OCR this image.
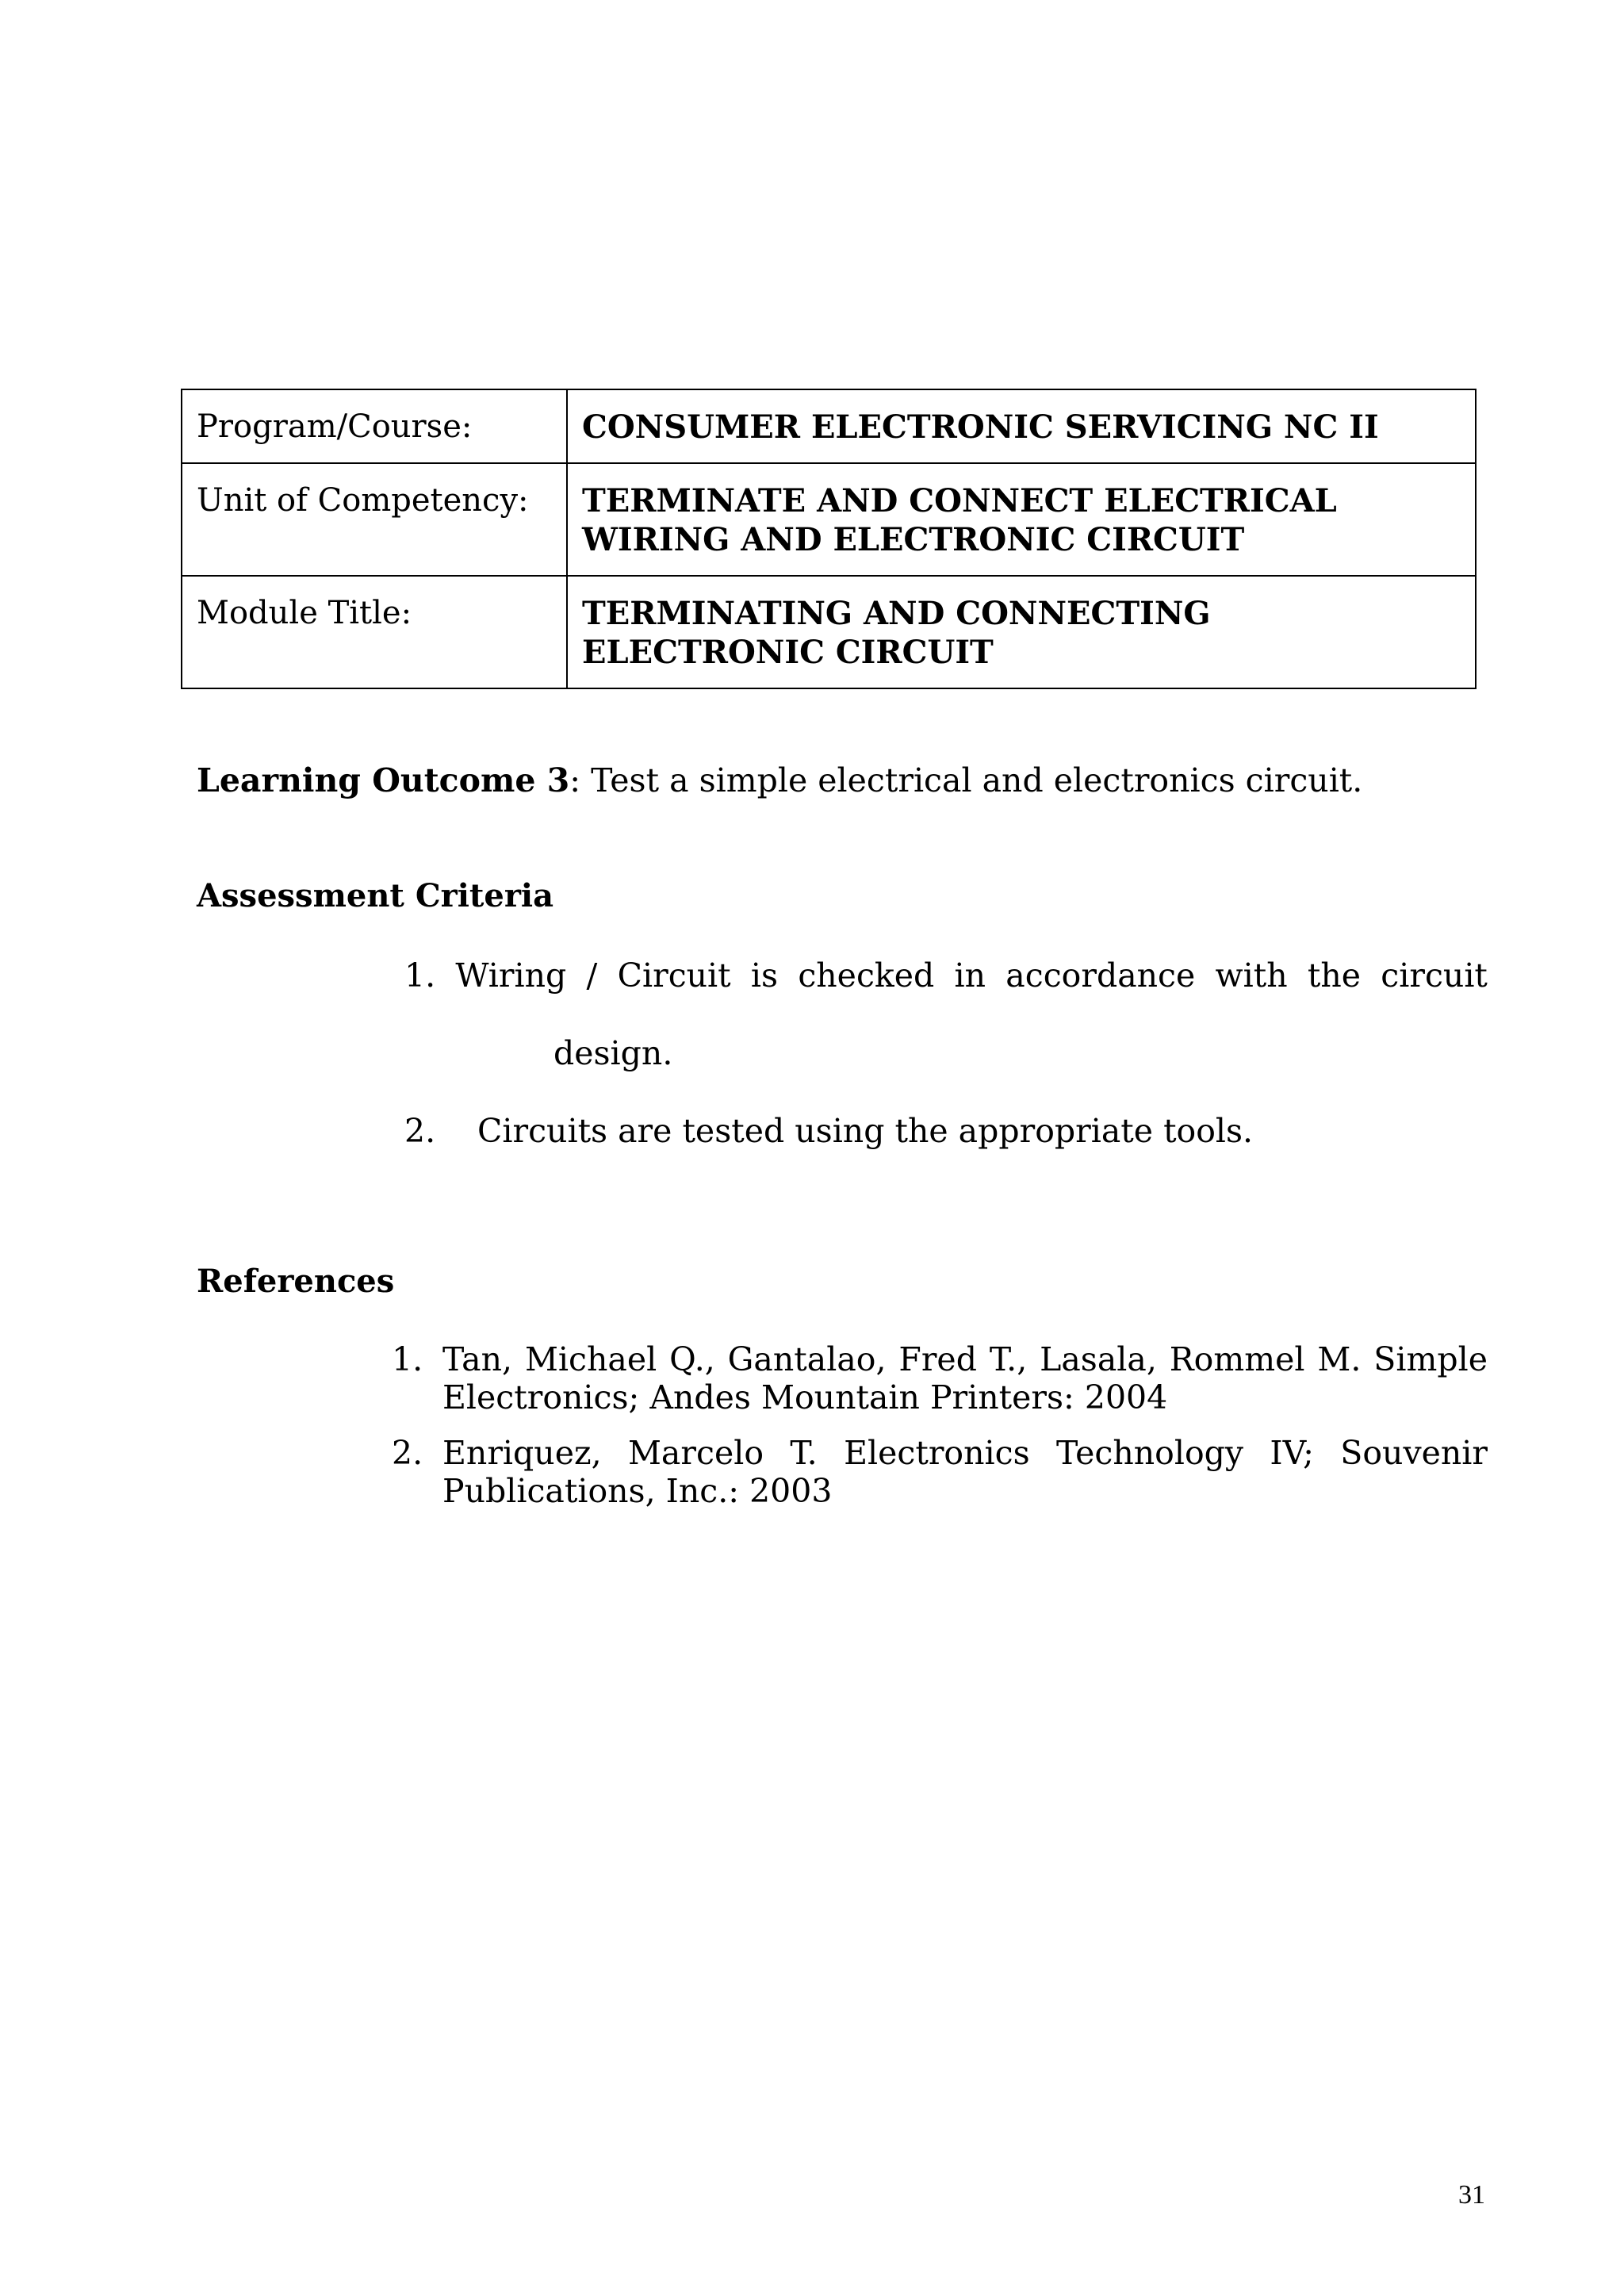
Program/Course:	CONSUMER ELECTRONIC SERVICING NC II
Unit of Competency:	TERMINATE AND CONNECT ELECTRICAL WIRING AND ELECTRONIC CIRCUIT
Module Title:	TERMINATING AND CONNECTING ELECTRONIC CIRCUIT
Learning Outcome 3: Test a simple electrical and electronics circuit.
Assessment Criteria
1. Wiring / Circuit is checked in accordance with the circuit
design.
2. Circuits are tested using the appropriate tools.
References
1. Tan, Michael Q., Gantalao, Fred T., Lasala, Rommel M. Simple Electronics; Andes Mountain Printers: 2004
2. Enriquez, Marcelo T. Electronics Technology IV; Souvenir Publications, Inc.: 2003
31
